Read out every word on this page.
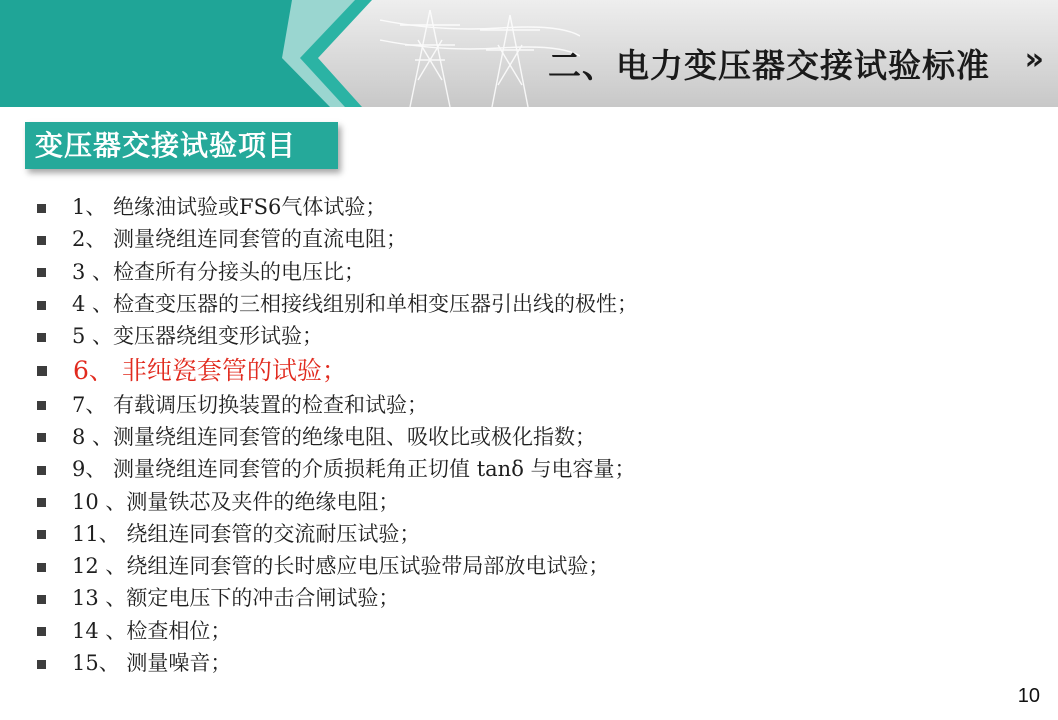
二、电力变压器交接试验标准 »
变压器交接试验项目
1、 绝缘油试验或FS6气体试验；
2、 测量绕组连同套管的直流电阻；
3 、检查所有分接头的电压比；
4 、检查变压器的三相接线组别和单相变压器引出线的极性；
5 、变压器绕组变形试验；
6、 非纯瓷套管的试验；
7、 有载调压切换装置的检查和试验；
8 、测量绕组连同套管的绝缘电阻、吸收比或极化指数；
9、 测量绕组连同套管的介质损耗角正切值 tanδ 与电容量；
10 、测量铁芯及夹件的绝缘电阻；
11、 绕组连同套管的交流耐压试验；
12 、绕组连同套管的长时感应电压试验带局部放电试验；
13 、额定电压下的冲击合闸试验；
14 、检查相位；
15、 测量噪音；
10
